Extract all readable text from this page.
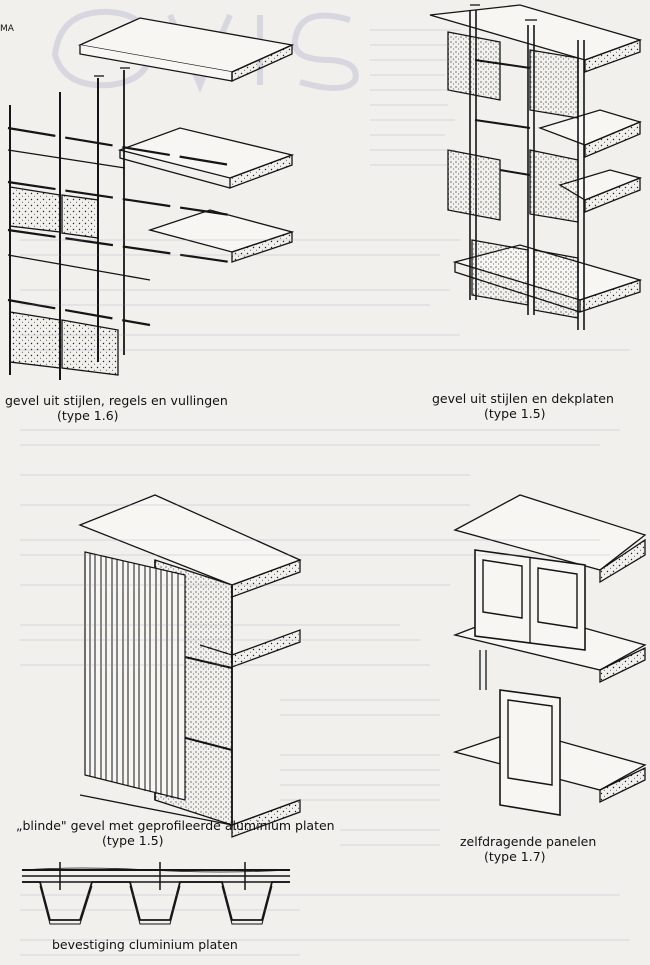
MA
gevel uit stijlen, regels en vullingen
(type 1.6)
gevel uit stijlen en dekplaten
(type 1.5)
„blinde" gevel met geprofileerde aluminium platen
(type 1.5)	zelfdragende panelen
(type 1.7)
bevestiging cluminium platen
